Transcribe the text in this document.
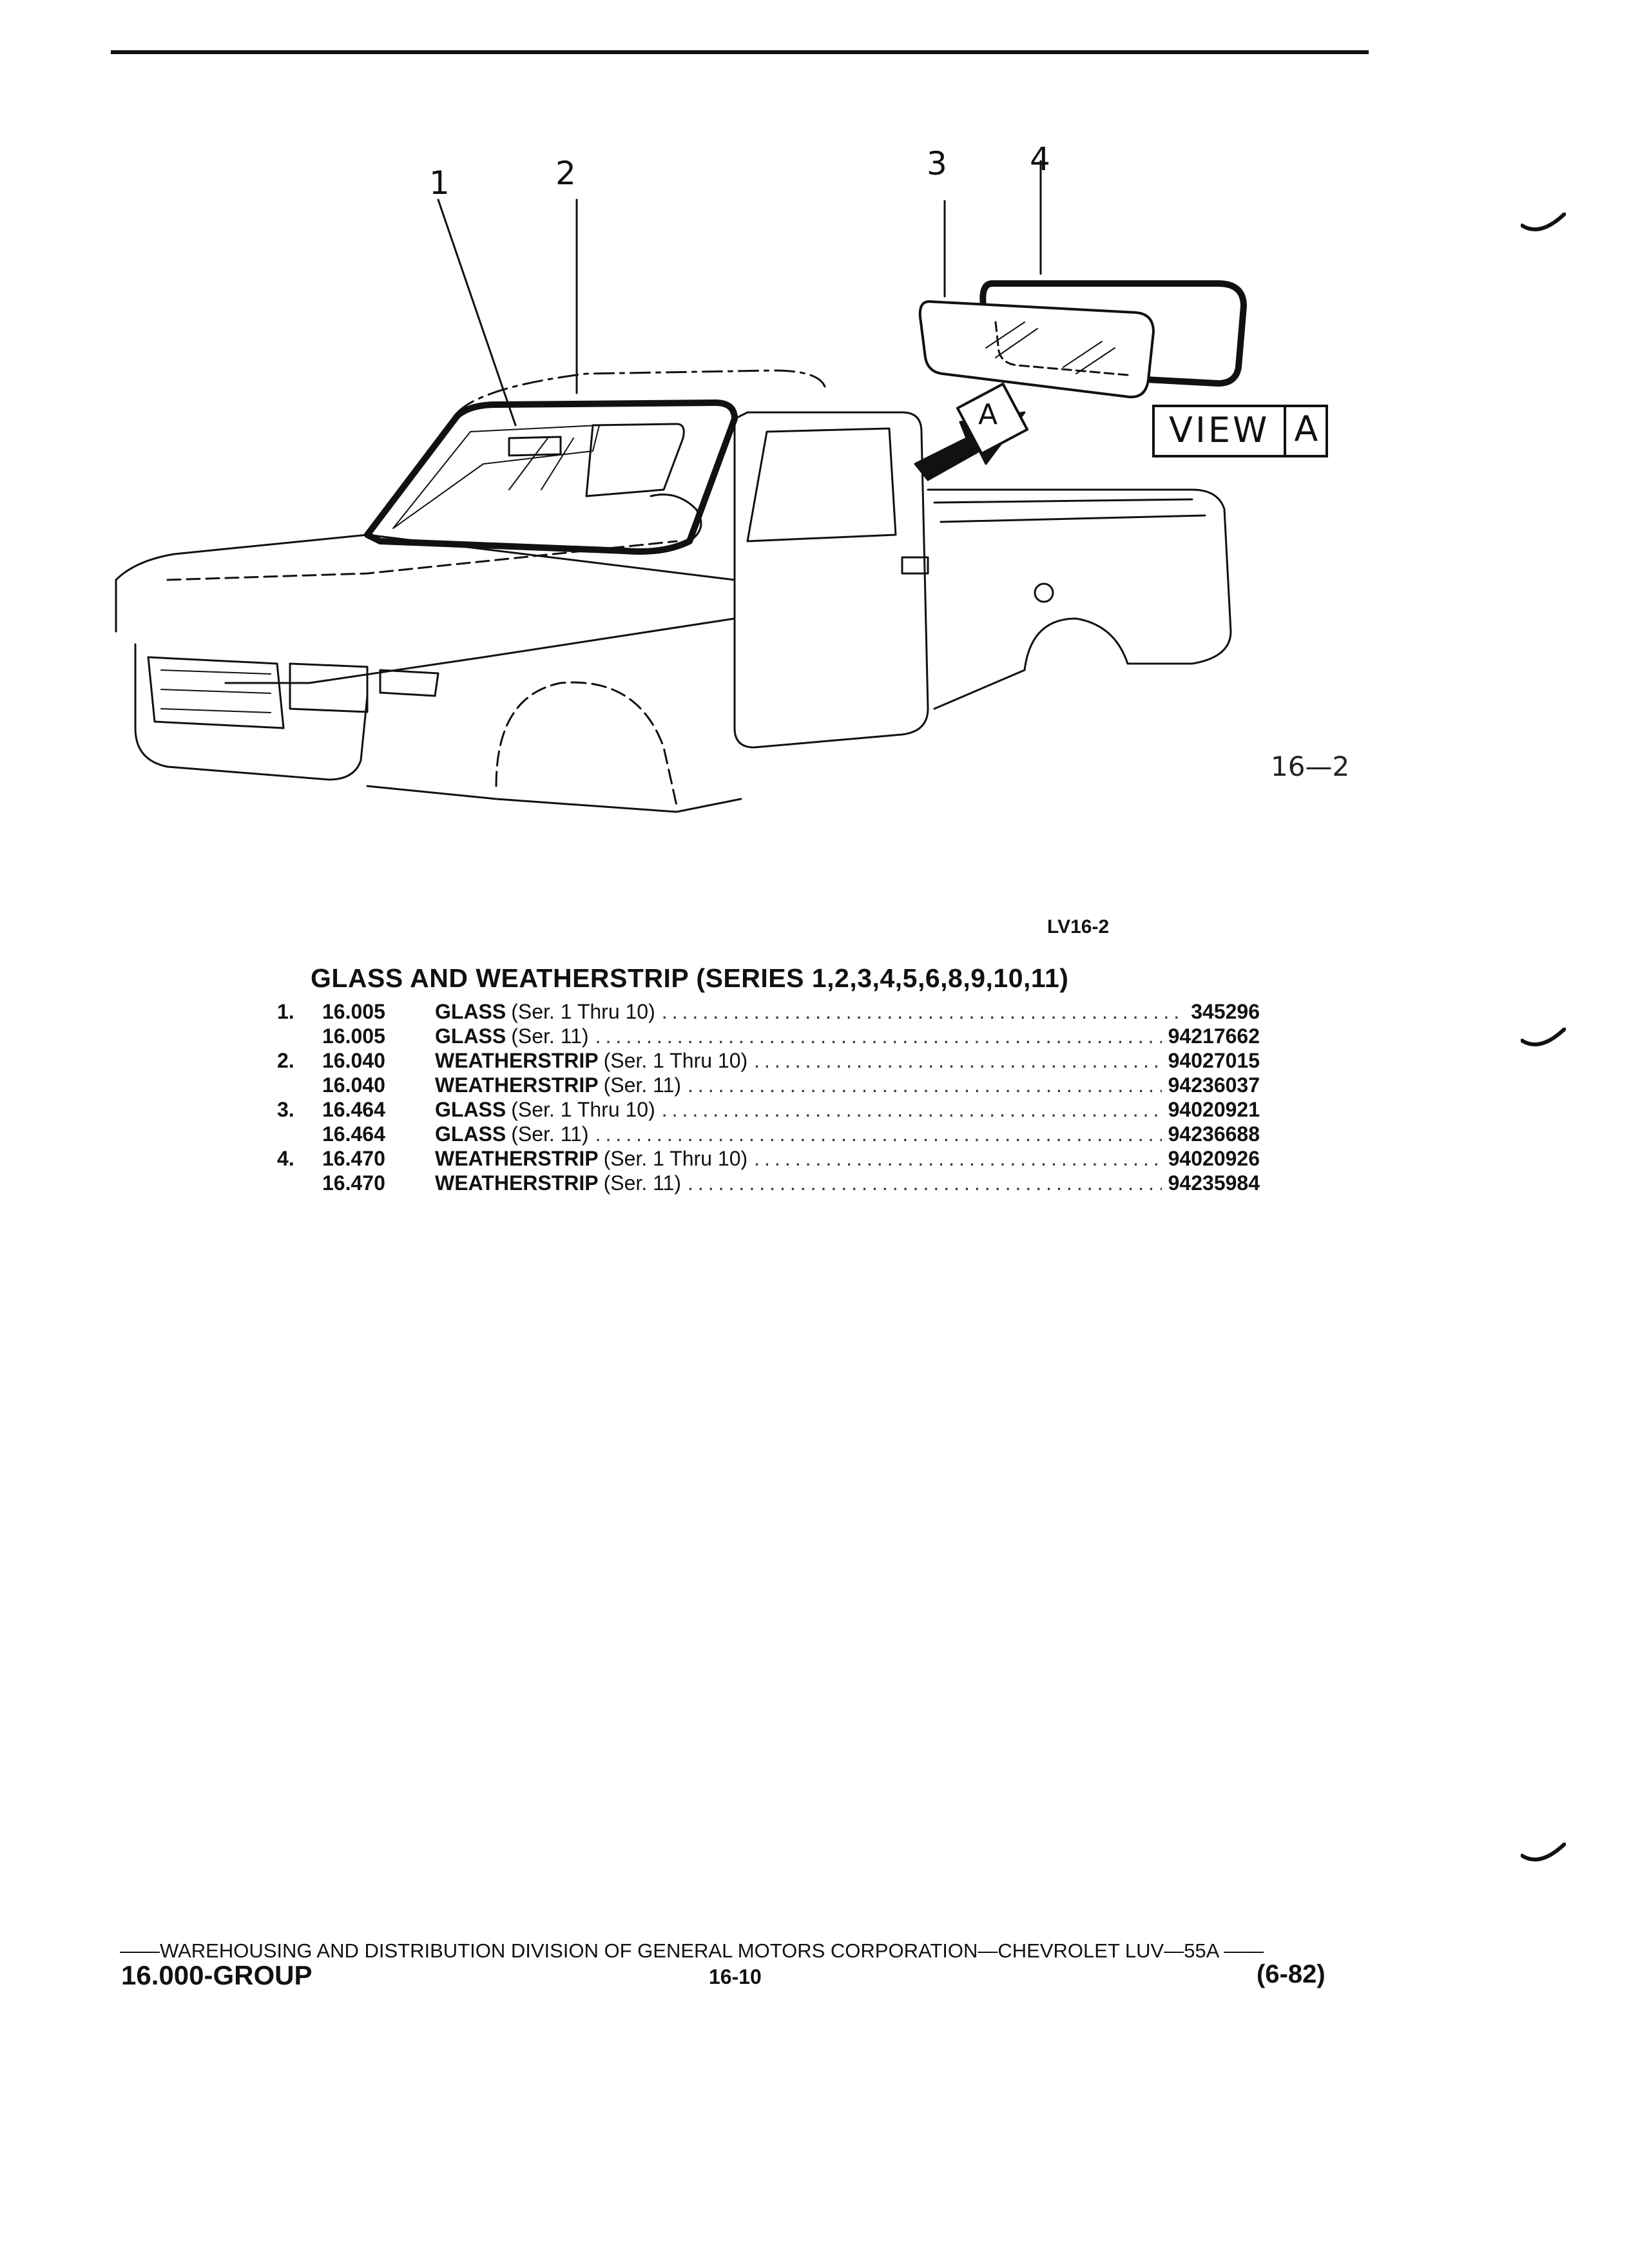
1	2	3	4
VIEW A
A
16—2
LV16-2
GLASS AND WEATHERSTRIP (SERIES 1,2,3,4,5,6,8,9,10,11)
1.	16.005 GLASS (Ser. 1 Thru 10) .....	345296
16.005 GLASS (Ser. 11) .....	94217662
2.	16.040 WEATHERSTRIP (Ser. 1 Thru 10) .....	94027015
16.040 WEATHERSTRIP (Ser. 11) .....	94236037
3.	16.464 GLASS (Ser. 1 Thru 10) .....	94020921
16.464 GLASS (Ser. 11) .....	94236688
4.	16.470 WEATHERSTRIP (Ser. 1 Thru 10) .....	94020926
16.470 WEATHERSTRIP (Ser. 11) .....	94235984
——WAREHOUSING AND DISTRIBUTION DIVISION OF GENERAL MOTORS CORPORATION—CHEVROLET LUV—55A ——
16.000-GROUP	16-10	(6-82)
